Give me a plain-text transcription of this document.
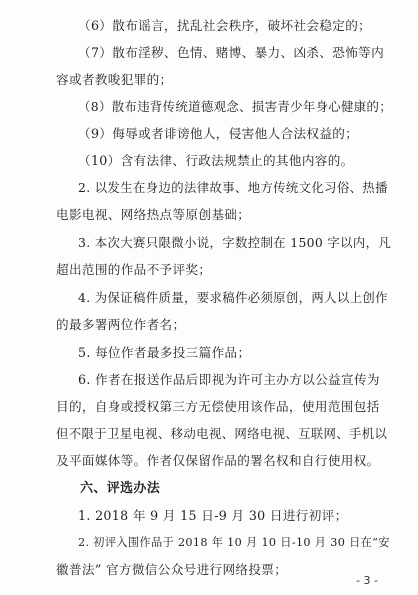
（6）散布谣言，扰乱社会秩序，破坏社会稳定的；
（7）散布淫秽、色情、赌博、暴力、凶杀、恐怖等内
容或者教唆犯罪的；
（8）散布违背传统道德观念、损害青少年身心健康的；
（9）侮辱或者诽谤他人，侵害他人合法权益的；
（10）含有法律、行政法规禁止的其他内容的。
2. 以发生在身边的法律故事、地方传统文化习俗、热播
电影电视、网络热点等原创基础；
3. 本次大赛只限微小说，字数控制在 1500 字以内，凡
超出范围的作品不予评奖；
4. 为保证稿件质量，要求稿件必须原创，两人以上创作
的最多署两位作者名；
5. 每位作者最多投三篇作品；
6. 作者在报送作品后即视为许可主办方以公益宣传为
目的，自身或授权第三方无偿使用该作品，使用范围包括
但不限于卫星电视、移动电视、网络电视、互联网、手机以
及平面媒体等。作者仅保留作品的署名权和自行使用权。
六、评选办法
1. 2018 年 9 月 15 日-9 月 30 日进行初评；
2. 初评入围作品于 2018 年 10 月 10 日-10 月 30 日在“安
徽普法” 官方微信公众号进行网络投票；
- 3 -
